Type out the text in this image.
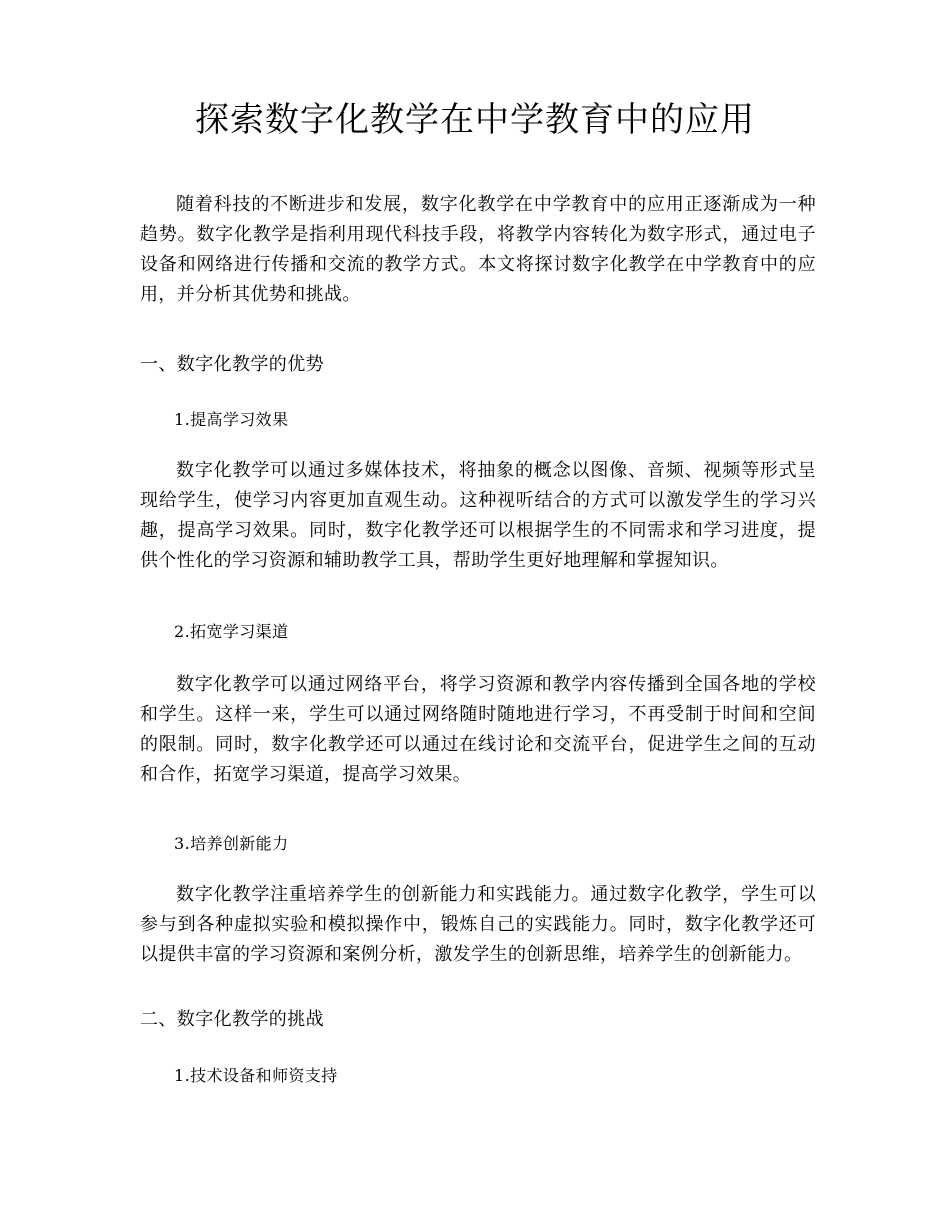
探索数字化教学在中学教育中的应用

随着科技的不断进步和发展，数字化教学在中学教育中的应用正逐渐成为一种趋势。数字化教学是指利用现代科技手段，将教学内容转化为数字形式，通过电子设备和网络进行传播和交流的教学方式。本文将探讨数字化教学在中学教育中的应用，并分析其优势和挑战。

一、数字化教学的优势
1.提高学习效果

数字化教学可以通过多媒体技术，将抽象的概念以图像、音频、视频等形式呈现给学生，使学习内容更加直观生动。这种视听结合的方式可以激发学生的学习兴趣，提高学习效果。同时，数字化教学还可以根据学生的不同需求和学习进度，提供个性化的学习资源和辅助教学工具，帮助学生更好地理解和掌握知识。

2.拓宽学习渠道

数字化教学可以通过网络平台，将学习资源和教学内容传播到全国各地的学校和学生。这样一来，学生可以通过网络随时随地进行学习，不再受制于时间和空间的限制。同时，数字化教学还可以通过在线讨论和交流平台，促进学生之间的互动和合作，拓宽学习渠道，提高学习效果。

3.培养创新能力

数字化教学注重培养学生的创新能力和实践能力。通过数字化教学，学生可以参与到各种虚拟实验和模拟操作中，锻炼自己的实践能力。同时，数字化教学还可以提供丰富的学习资源和案例分析，激发学生的创新思维，培养学生的创新能力。

二、数字化教学的挑战
1.技术设备和师资支持
